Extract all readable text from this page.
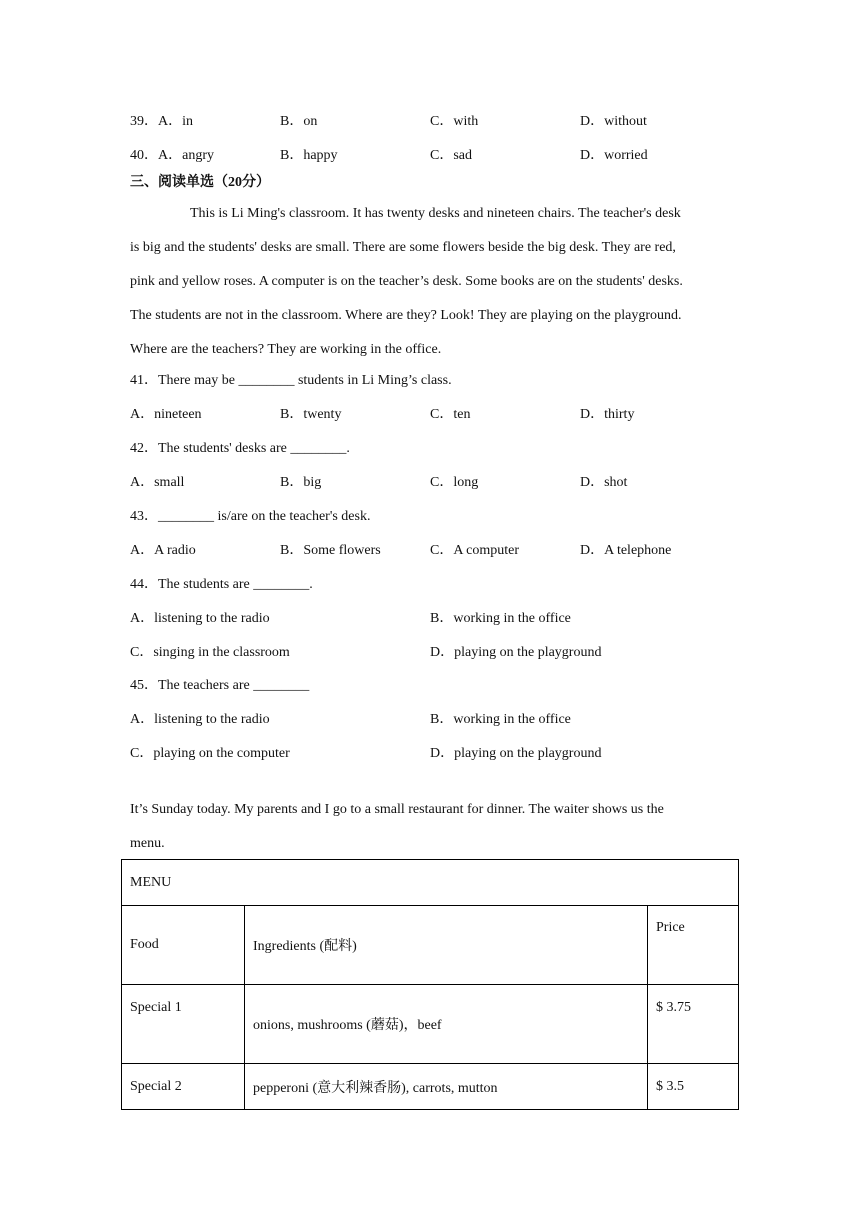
39． A．in	B．on	C．with	D．without
40． A．angry	B．happy	C．sad	D．worried
三、阅读单选（20分）
This is Li Ming's classroom. It has twenty desks and nineteen chairs. The teacher's desk
is big and the students' desks are small. There are some flowers beside the big desk. They are red,
pink and yellow roses. A computer is on the teacher’s desk. Some books are on the students' desks.
The students are not in the classroom. Where are they? Look! They are playing on the playground.
Where are the teachers? They are working in the office.
41．There may be ________ students in Li Ming’s class.
A．nineteen	B．twenty	C．ten	D．thirty
42．The students' desks are ________.
A．small	B．big	C．long	D．shot
43．________ is/are on the teacher's desk.
A．A radio	B．Some flowers	C．A computer	D．A telephone
44．The students are ________.
A．listening to the radio	B．working in the office
C．singing in the classroom	D．playing on the playground
45．The teachers are ________
A．listening to the radio	B．working in the office
C．playing on the computer	D．playing on the playground
It’s Sunday today. My parents and I go to a small restaurant for dinner. The waiter shows us the
menu.
MENU		
Food	Ingredients (配料)	Price
Special 1	onions, mushrooms (蘑菇)，beef	$ 3.75
Special 2	pepperoni (意大利辣香肠), carrots, mutton	$ 3.5
